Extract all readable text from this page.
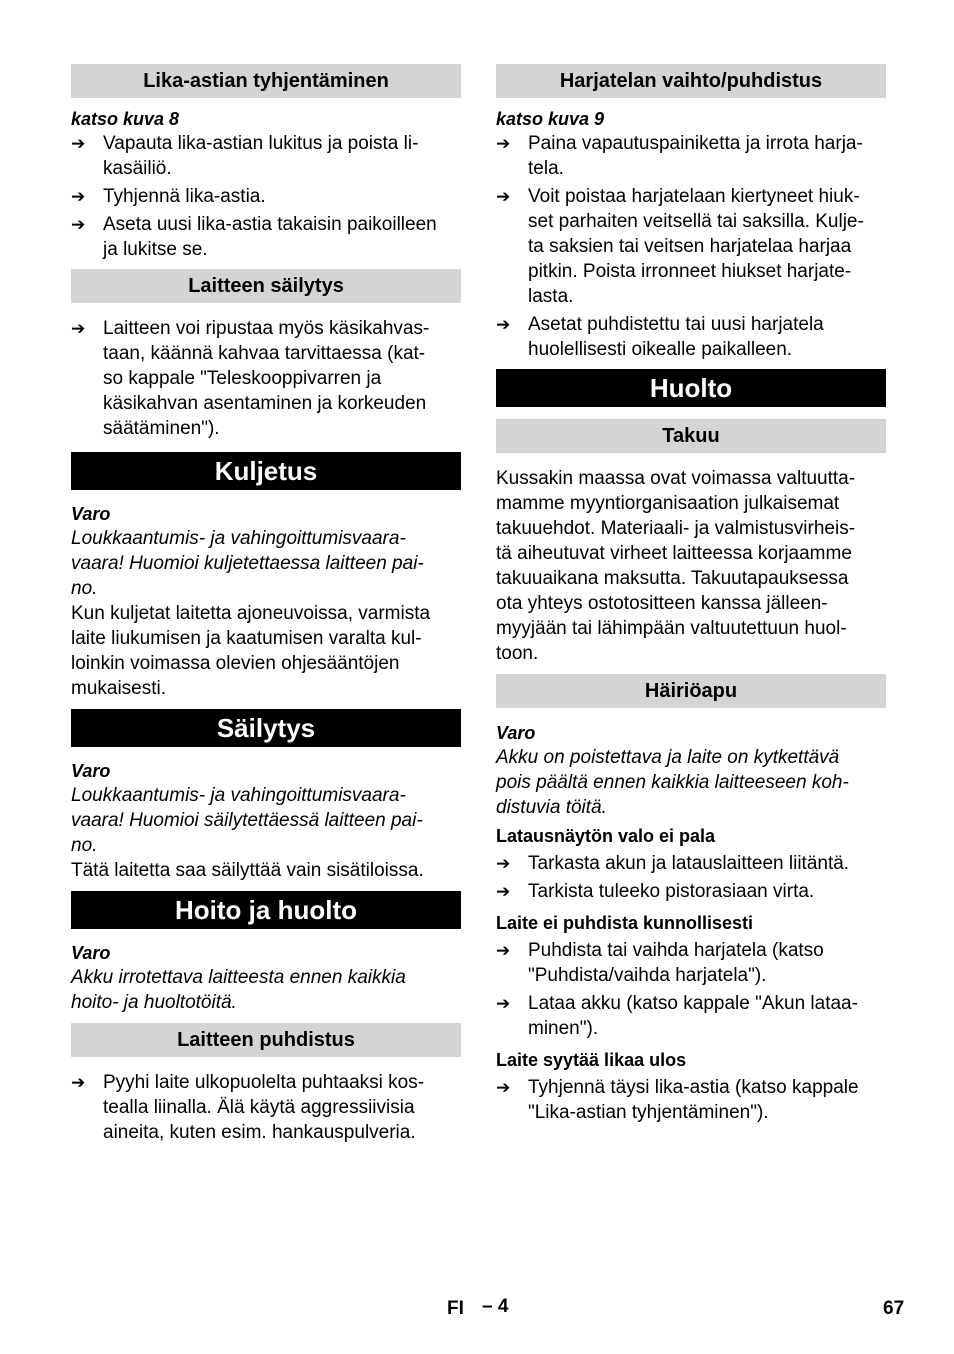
Lika-astian tyhjentäminen

katso kuva 8

➔ Vapauta lika-astian lukitus ja poista li-
kasäiliö.
➔ Tyhjennä lika-astia.
➔ Aseta uusi lika-astia takaisin paikoilleen
ja lukitse se.
Laitteen säilytys
➔ Laitteen voi ripustaa myös käsikahvas-
taan, käännä kahvaa tarvittaessa (kat-
so kappale "Teleskooppivarren ja
käsikahvan asentaminen ja korkeuden
säätäminen").
Kuljetus

Varo

Loukkaantumis- ja vahingoittumisvaara-
vaara! Huomioi kuljetettaessa laitteen pai-
no.

Kun kuljetat laitetta ajoneuvoissa, varmista
laite liukumisen ja kaatumisen varalta kul-
loinkin voimassa olevien ohjesääntöjen
mukaisesti.

Säilytys

Varo

Loukkaantumis- ja vahingoittumisvaara-
vaara! Huomioi säilytettäessä laitteen pai-
no.

Tätä laitetta saa säilyttää vain sisätiloissa.

Hoito ja huolto

Varo

Akku irrotettava laitteesta ennen kaikkia
hoito- ja huoltotöitä.

Laitteen puhdistus
➔ Pyyhi laite ulkopuolelta puhtaaksi kos-
tealla liinalla. Älä käytä aggressiivisia
aineita, kuten esim. hankauspulveria.
Harjatelan vaihto/puhdistus

katso kuva 9

➔ Paina vapautuspainiketta ja irrota harja-
tela.
➔ Voit poistaa harjatelaan kiertyneet hiuk-
set parhaiten veitsellä tai saksilla. Kulje-
ta saksien tai veitsen harjatelaa harjaa
pitkin. Poista irronneet hiukset harjate-
lasta.
➔ Asetat puhdistettu tai uusi harjatela
huolellisesti oikealle paikalleen.
Huolto
Takuu

Kussakin maassa ovat voimassa valtuutta-
mamme myyntiorganisaation julkaisemat
takuuehdot. Materiaali- ja valmistusvirheis-
tä aiheutuvat virheet laitteessa korjaamme
takuuaikana maksutta. Takuutapauksessa
ota yhteys ostotositteen kanssa jälleen-
myyjään tai lähimpään valtuutettuun huol-
toon.

Häiriöapu

Varo

Akku on poistettava ja laite on kytkettävä
pois päältä ennen kaikkia laitteeseen koh-
distuvia töitä.

Latausnäytön valo ei pala

➔ Tarkasta akun ja latauslaitteen liitäntä.
➔ Tarkista tuleeko pistorasiaan virta.

Laite ei puhdista kunnollisesti

➔ Puhdista tai vaihda harjatela (katso
"Puhdista/vaihda harjatela").
➔ Lataa akku (katso kappale "Akun lataa-
minen").

Laite syytää likaa ulos

➔ Tyhjennä täysi lika-astia (katso kappale
"Lika-astian tyhjentäminen").
FI – 4	67
